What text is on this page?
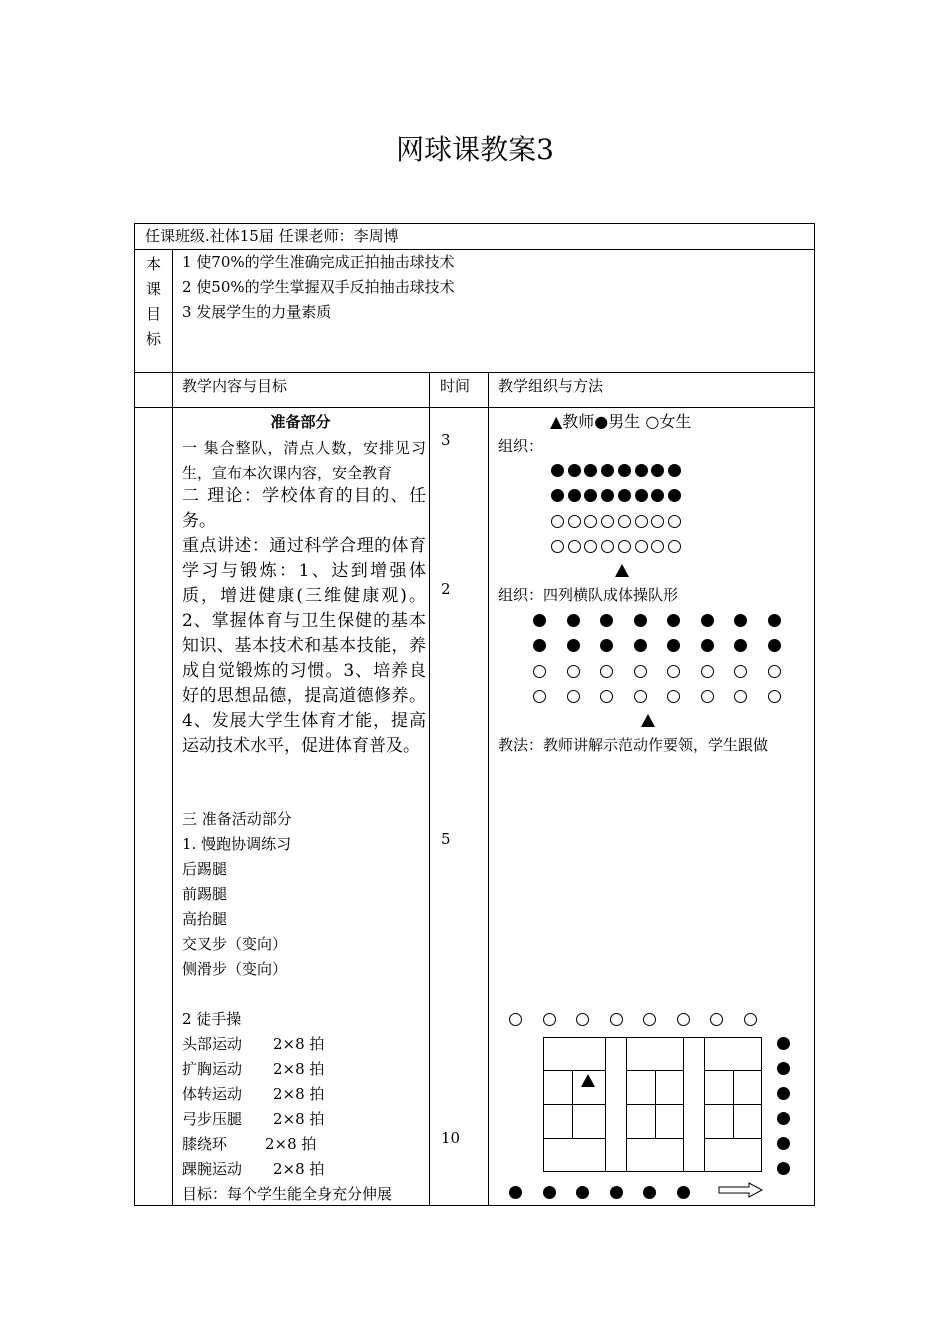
网球课教案3
任课班级.社体15届 任课老师：李周博
本
课
目
标
1 使70%的学生准确完成正拍抽击球技术
2 使50%的学生掌握双手反拍抽击球技术
3 发展学生的力量素质
教学内容与目标	时间 教学组织与方法
准备部分
一 集合整队，清点人数，安排见习生，宣布本次课内容，安全教育
二 理论：学校体育的目的、任务。
重点讲述：通过科学合理的体育学习与锻炼：1、达到增强体质，增进健康(三维健康观)。2、掌握体育与卫生保健的基本知识、基本技术和基本技能，养成自觉锻炼的习惯。3、培养良好的思想品德，提高道德修养。4、发展大学生体育才能，提高运动技术水平，促进体育普及。
三 准备活动部分
1. 慢跑协调练习
后踢腿
前踢腿
高抬腿
交叉步（变向）
侧滑步（变向）
2 徒手操
头部运动 2×8 拍
扩胸运动 2×8 拍
体转运动 2×8 拍
弓步压腿 2×8 拍
膝绕环	2×8 拍
踝腕运动 2×8 拍
目标：每个学生能全身充分伸展
3
2
5
10
▲教师●男生 ○女生
组织：
组织：四列横队成体操队形
教法：教师讲解示范动作要领，学生跟做
